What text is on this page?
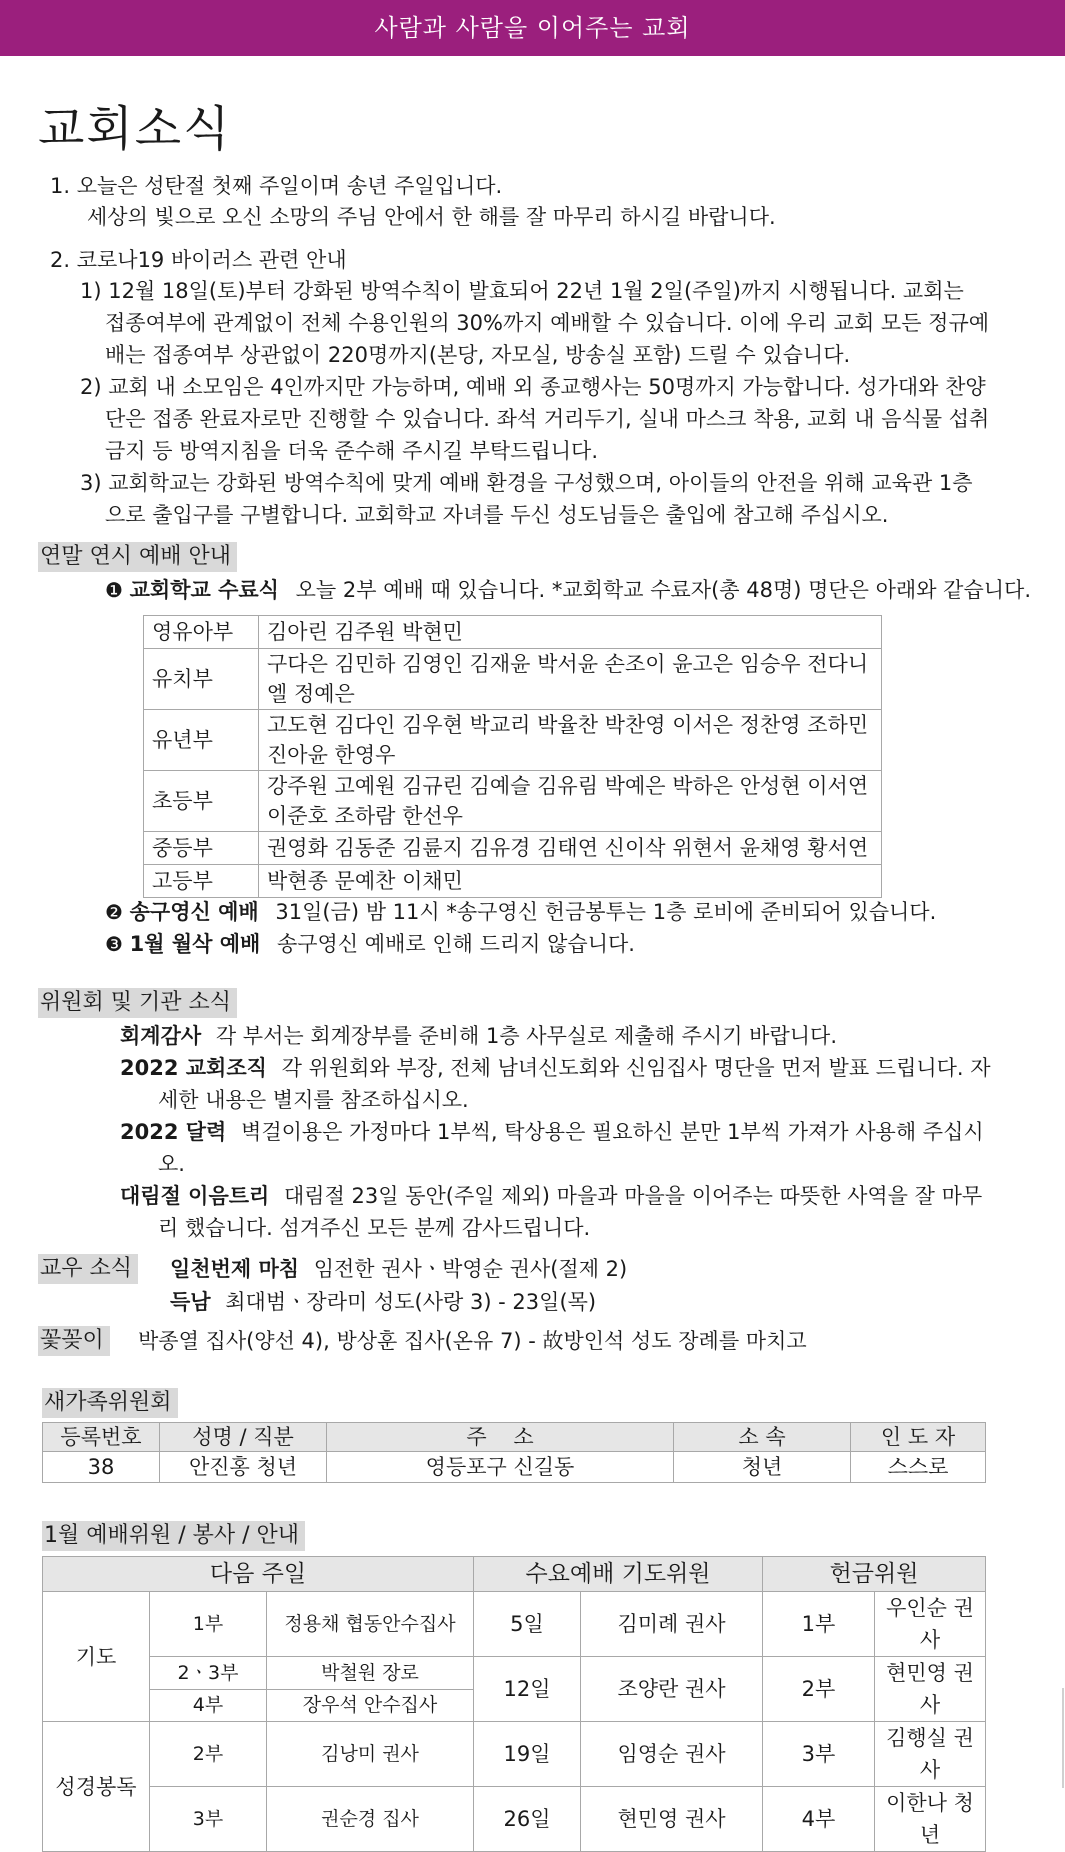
사람과 사람을 이어주는 교회
교회소식
1. 오늘은 성탄절 첫째 주일이며 송년 주일입니다.
세상의 빛으로 오신 소망의 주님 안에서 한 해를 잘 마무리 하시길 바랍니다.
2. 코로나19 바이러스 관련 안내
1) 12월 18일(토)부터 강화된 방역수칙이 발효되어 22년 1월 2일(주일)까지 시행됩니다. 교회는 접종여부에 관계없이 전체 수용인원의 30%까지 예배할 수 있습니다. 이에 우리 교회 모든 정규예배는 접종여부 상관없이 220명까지(본당, 자모실, 방송실 포함) 드릴 수 있습니다.
2) 교회 내 소모임은 4인까지만 가능하며, 예배 외 종교행사는 50명까지 가능합니다. 성가대와 찬양단은 접종 완료자로만 진행할 수 있습니다. 좌석 거리두기, 실내 마스크 착용, 교회 내 음식물 섭취 금지 등 방역지침을 더욱 준수해 주시길 부탁드립니다.
3) 교회학교는 강화된 방역수칙에 맞게 예배 환경을 구성했으며, 아이들의 안전을 위해 교육관 1층으로 출입구를 구별합니다. 교회학교 자녀를 두신 성도님들은 출입에 참고해 주십시오.
연말 연시 예배 안내
❶ 교회학교 수료식 오늘 2부 예배 때 있습니다. *교회학교 수료자(총 48명) 명단은 아래와 같습니다.
영유아부	김아린 김주원 박현민
유치부	구다은 김민하 김영인 김재윤 박서윤 손조이 윤고은 임승우 전다니엘 정예은
유년부	고도현 김다인 김우현 박교리 박율찬 박찬영 이서은 정찬영 조하민 진아윤 한영우
초등부	강주원 고예원 김규린 김예슬 김유림 박예은 박하은 안성현 이서연 이준호 조하람 한선우
중등부	권영화 김동준 김륜지 김유경 김태연 신이삭 위현서 윤채영 황서연
고등부	박현종 문예찬 이채민
❷ 송구영신 예배 31일(금) 밤 11시 *송구영신 헌금봉투는 1층 로비에 준비되어 있습니다.
❸ 1월 월삭 예배 송구영신 예배로 인해 드리지 않습니다.
위원회 및 기관 소식
회계감사 각 부서는 회계장부를 준비해 1층 사무실로 제출해 주시기 바랍니다.
2022 교회조직 각 위원회와 부장, 전체 남녀신도회와 신임집사 명단을 먼저 발표 드립니다. 자세한 내용은 별지를 참조하십시오.
2022 달력 벽걸이용은 가정마다 1부씩, 탁상용은 필요하신 분만 1부씩 가져가 사용해 주십시오.
대림절 이음트리 대림절 23일 동안(주일 제외) 마을과 마을을 이어주는 따뜻한 사역을 잘 마무리 했습니다. 섬겨주신 모든 분께 감사드립니다.
교우 소식 일천번제 마침 임전한 권사ㆍ박영순 권사(절제 2)
득남 최대범ㆍ장라미 성도(사랑 3) - 23일(목)
꽃꽂이 박종열 집사(양선 4), 방상훈 집사(온유 7) - 故방인석 성도 장례를 마치고
새가족위원회
등록번호	성명 / 직분	주    소	소 속	인 도 자
38	안진홍 청년	영등포구 신길동	청년	스스로
1월 예배위원 / 봉사 / 안내
다음 주일			수요예배 기도위원		헌금위원	
기도	1부	정용채 협동안수집사	5일	김미례 권사	1부	우인순 권사
	2ㆍ3부	박철원 장로	12일	조양란 권사	2부	현민영 권사
	4부	장우석 안수집사				
성경봉독	2부	김낭미 권사	19일	임영순 권사	3부	김행실 권사
	3부	권순경 집사	26일	현민영 권사	4부	이한나 청년
